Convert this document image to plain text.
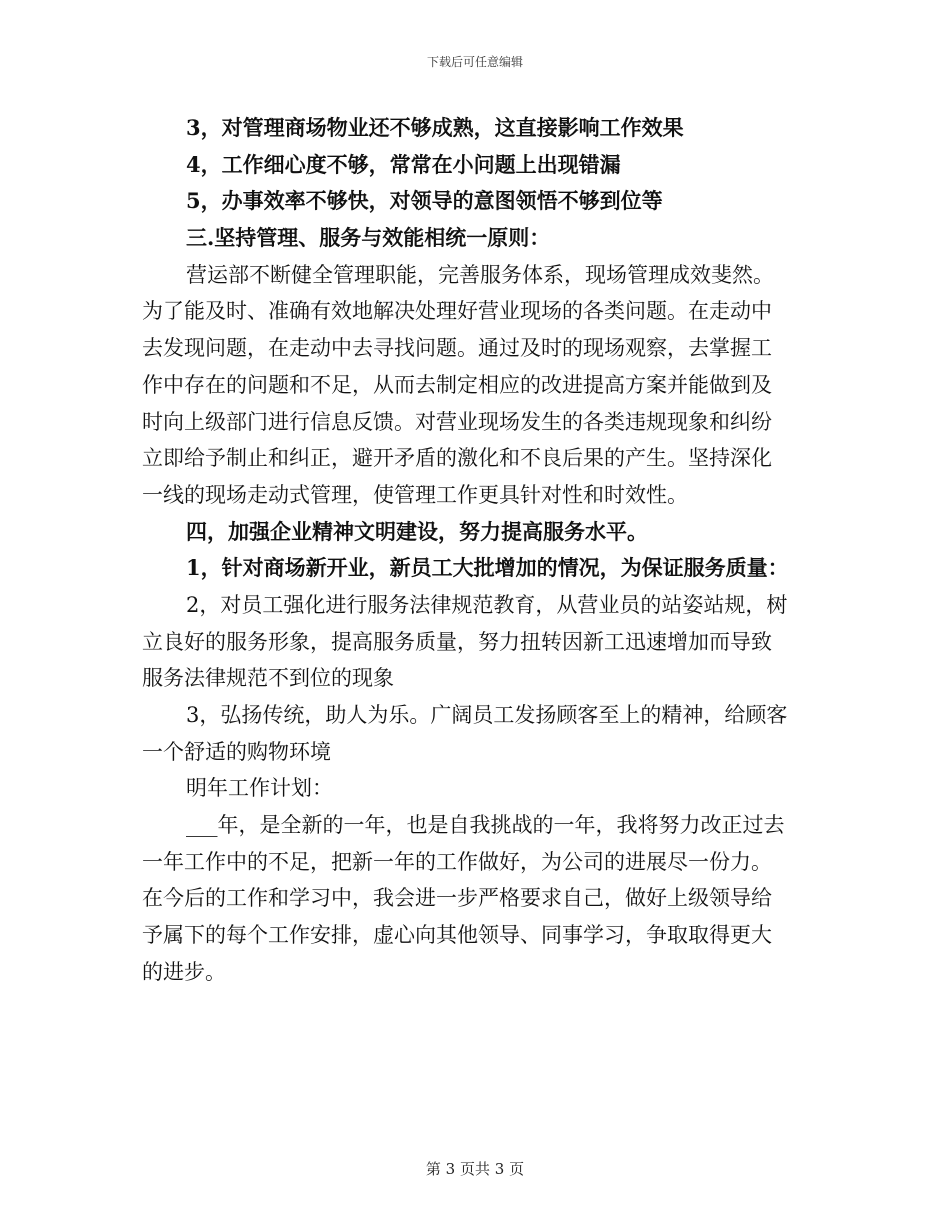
下载后可任意编辑
3，对管理商场物业还不够成熟，这直接影响工作效果
4，工作细心度不够，常常在小问题上出现错漏
5，办事效率不够快，对领导的意图领悟不够到位等
三.坚持管理、服务与效能相统一原则：
营运部不断健全管理职能，完善服务体系，现场管理成效斐然。
为了能及时、准确有效地解决处理好营业现场的各类问题。在走动中
去发现问题，在走动中去寻找问题。通过及时的现场观察，去掌握工
作中存在的问题和不足，从而去制定相应的改进提高方案并能做到及
时向上级部门进行信息反馈。对营业现场发生的各类违规现象和纠纷
立即给予制止和纠正，避开矛盾的激化和不良后果的产生。坚持深化
一线的现场走动式管理，使管理工作更具针对性和时效性。
四，加强企业精神文明建设，努力提高服务水平。
1，针对商场新开业，新员工大批增加的情况，为保证服务质量：
2，对员工强化进行服务法律规范教育，从营业员的站姿站规，树
立良好的服务形象，提高服务质量，努力扭转因新工迅速增加而导致
服务法律规范不到位的现象
3，弘扬传统，助人为乐。广阔员工发扬顾客至上的精神，给顾客
一个舒适的购物环境
明年工作计划：
___年，是全新的一年，也是自我挑战的一年，我将努力改正过去
一年工作中的不足，把新一年的工作做好，为公司的进展尽一份力。
在今后的工作和学习中，我会进一步严格要求自己，做好上级领导给
予属下的每个工作安排，虚心向其他领导、同事学习，争取取得更大
的进步。
第 3 页共 3 页
